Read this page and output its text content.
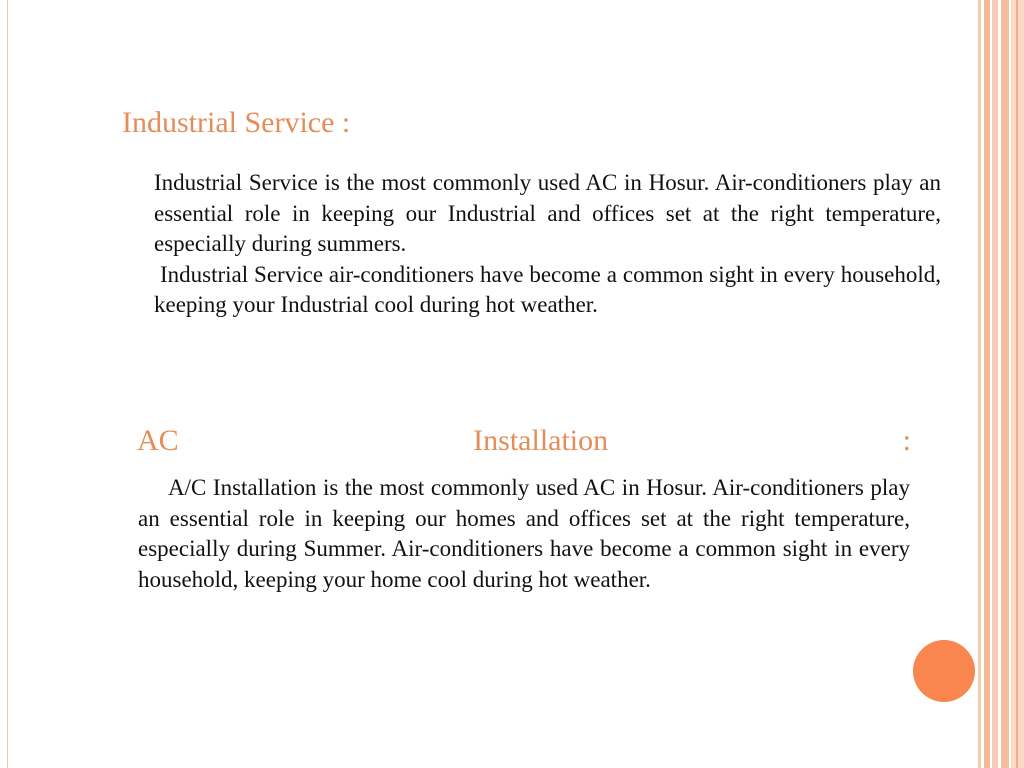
Industrial Service :
Industrial Service is the most commonly used AC in Hosur. Air-conditioners play an essential role in keeping our Industrial and offices set at the right temperature, especially during summers.
Industrial Service air-conditioners have become a common sight in every household, keeping your Industrial cool during hot weather.
AC	Installation	:
A/C Installation is the most commonly used AC in Hosur. Air-conditioners play an essential role in keeping our homes and offices set at the right temperature, especially during Summer. Air-conditioners have become a common sight in every household, keeping your home cool during hot weather.
